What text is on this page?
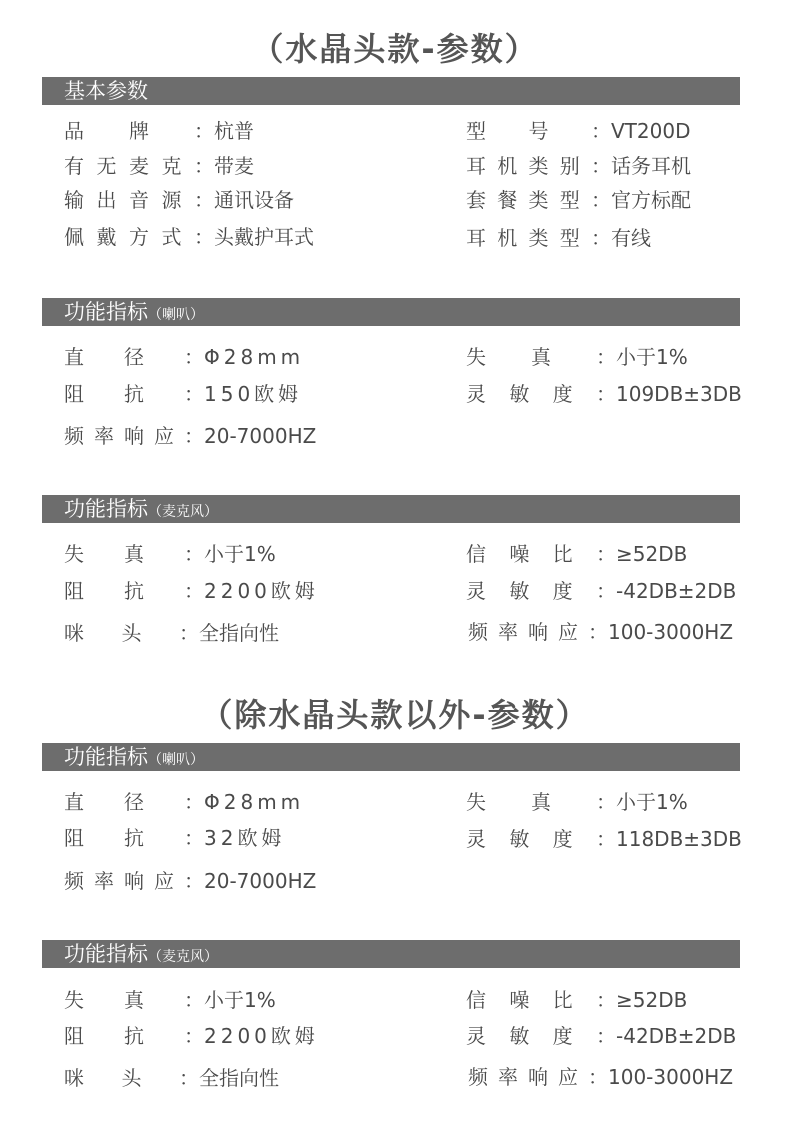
（水晶头款-参数）
基本参数
品牌：杭普
有无麦克：带麦
输出音源：通讯设备
佩戴方式：头戴护耳式
型号：VT200D
耳机类别：话务耳机
套餐类型：官方标配
耳机类型：有线
功能指标（喇叭）
直径：Φ28mm
阻抗：150欧姆
频率响应：20-7000HZ
失真：小于1%
灵敏度：109DB±3DB
功能指标（麦克风）
失真：小于1%
阻抗：2200欧姆
咪头：全指向性
信噪比：≥52DB
灵敏度：-42DB±2DB
频率响应：100-3000HZ
（除水晶头款以外-参数）
功能指标（喇叭）
直径：Φ28mm
阻抗：32欧姆
频率响应：20-7000HZ
失真：小于1%
灵敏度：118DB±3DB
功能指标（麦克风）
失真：小于1%
阻抗：2200欧姆
咪头：全指向性
信噪比：≥52DB
灵敏度：-42DB±2DB
频率响应：100-3000HZ
